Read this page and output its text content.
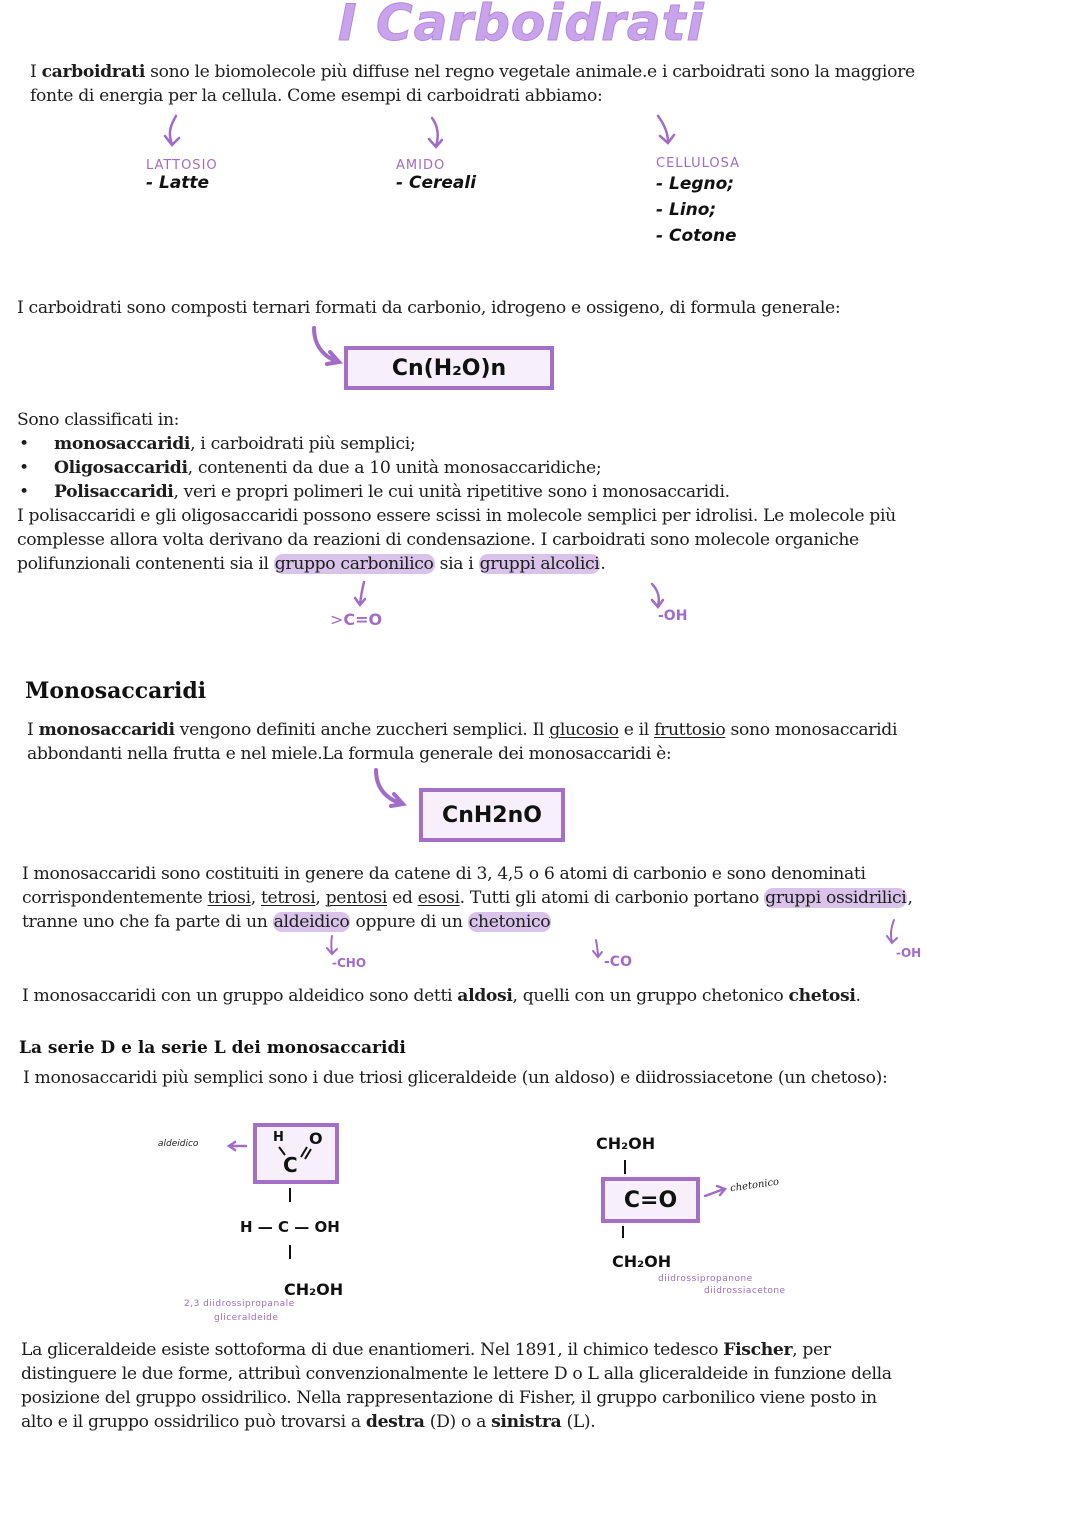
I Carboidrati
I carboidrati sono le biomolecole più diffuse nel regno vegetale animale.e i carboidrati sono la maggiore
fonte di energia per la cellula. Come esempi di carboidrati abbiamo:
LATTOSIO
- Latte
AMIDO
- Cereali
CELLULOSA
- Legno;
- Lino;
- Cotone
I carboidrati sono composti ternari formati da carbonio, idrogeno e ossigeno, di formula generale:
Cn(H₂O)n
Sono classificati in:
• monosaccaridi, i carboidrati più semplici;
• Oligosaccaridi, contenenti da due a 10 unità monosaccaridiche;
• Polisaccaridi, veri e propri polimeri le cui unità ripetitive sono i monosaccaridi.
I polisaccaridi e gli oligosaccaridi possono essere scissi in molecole semplici per idrolisi. Le molecole più
complesse allora volta derivano da reazioni di condensazione. I carboidrati sono molecole organiche
polifunzionali contenenti sia il gruppo carbonilico sia i gruppi alcolici.
>C=O	-OH
Monosaccaridi
I monosaccaridi vengono definiti anche zuccheri semplici. Il glucosio e il fruttosio sono monosaccaridi
abbondanti nella frutta e nel miele.La formula generale dei monosaccaridi è:
CnH2nO
I monosaccaridi sono costituiti in genere da catene di 3, 4,5 o 6 atomi di carbonio e sono denominati
corrispondentemente triosi, tetrosi, pentosi ed esosi. Tutti gli atomi di carbonio portano gruppi ossidrilici,
tranne uno che fa parte di un aldeidico oppure di un chetonico
-CHO	-CO
-OH
I monosaccaridi con un gruppo aldeidico sono detti aldosi, quelli con un gruppo chetonico chetosi.
La serie D e la serie L dei monosaccaridi
I monosaccaridi più semplici sono i due triosi gliceraldeide (un aldoso) e diidrossiacetone (un chetoso):
aldeidico	H O
C
H — C — OH
CH₂OH
2,3 diidrossipropanale
gliceraldeide
CH₂OH
C=O
chetonico
CH₂OH
diidrossipropanone
diidrossiacetone
La gliceraldeide esiste sottoforma di due enantiomeri. Nel 1891, il chimico tedesco Fischer, per
distinguere le due forme, attribuì convenzionalmente le lettere D o L alla gliceraldeide in funzione della
posizione del gruppo ossidrilico. Nella rappresentazione di Fisher, il gruppo carbonilico viene posto in
alto e il gruppo ossidrilico può trovarsi a destra (D) o a sinistra (L).
